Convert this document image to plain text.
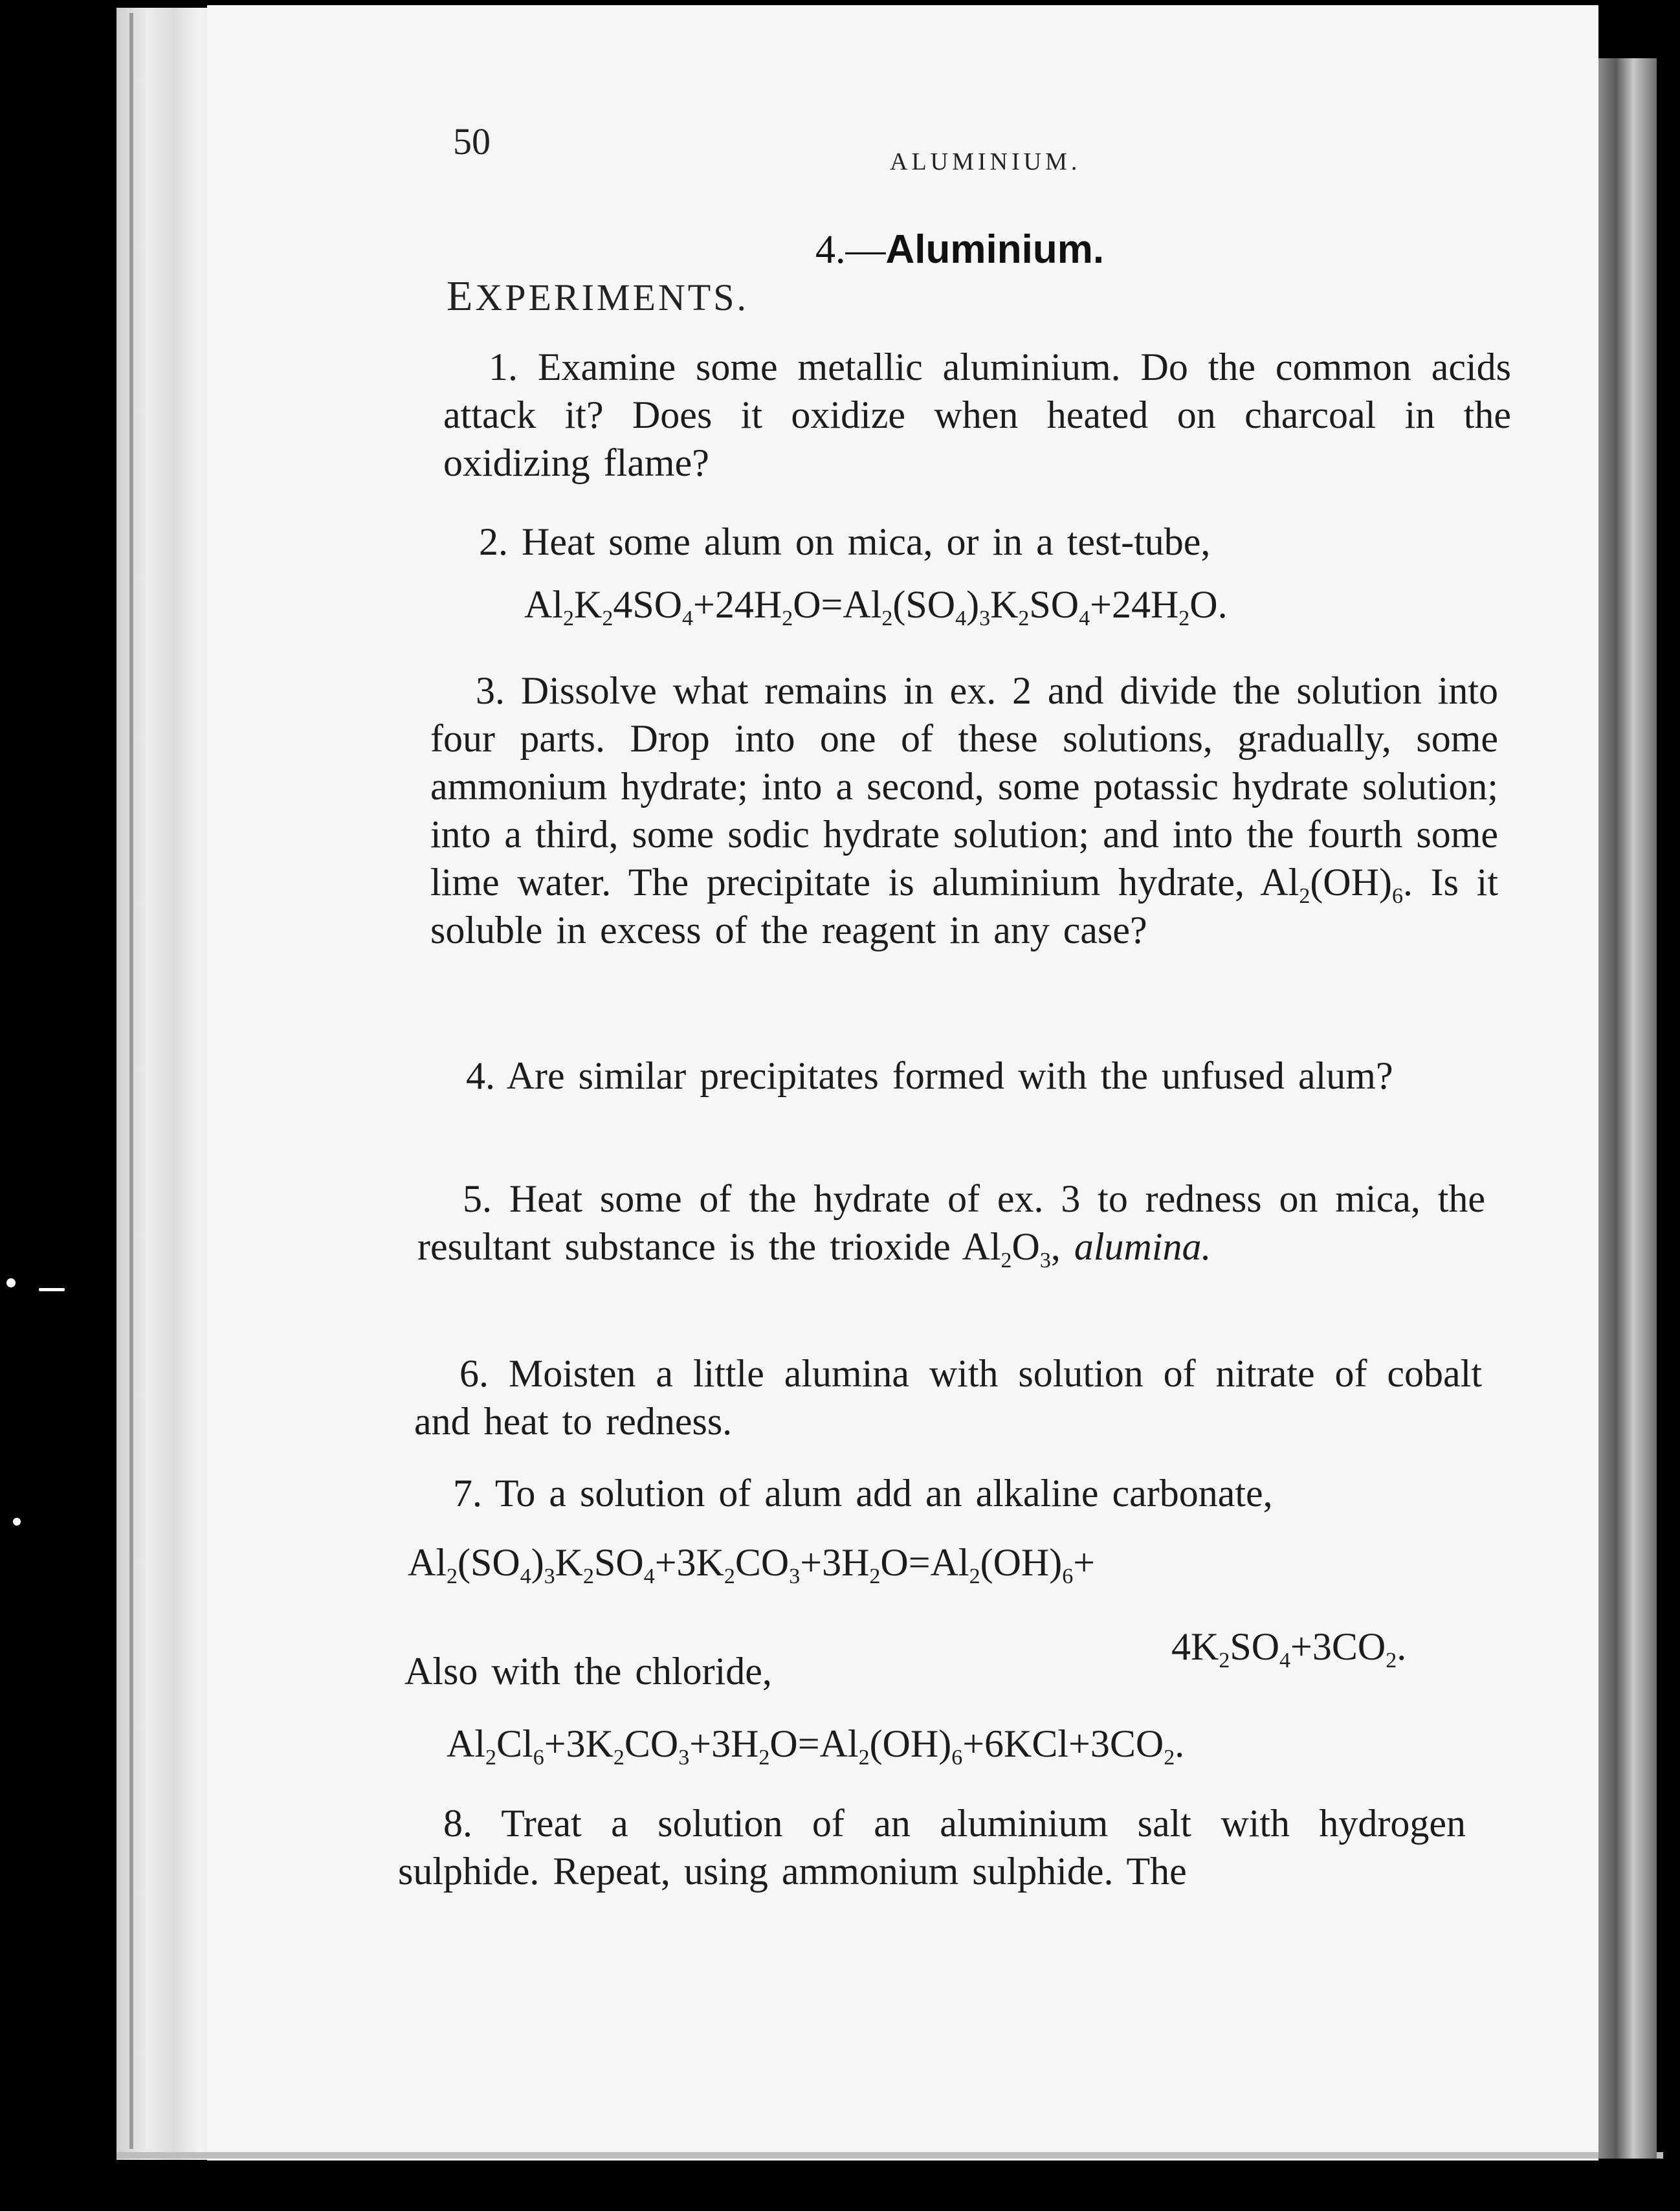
50	ALUMINIUM.
4.—Aluminium.
EXPERIMENTS.
1. Examine some metallic aluminium. Do the common acids attack it? Does it oxidize when heated on charcoal in the oxidizing flame?
2. Heat some alum on mica, or in a test-tube,
$Al_2K_24SO_4+24H_2O=Al_2(SO_4)_3K_2SO_4+24H_2O$.
3. Dissolve what remains in ex. 2 and divide the solution into four parts. Drop into one of these solutions, gradually, some ammonium hydrate; into a second, some potassic hydrate solution; into a third, some sodic hydrate solution; and into the fourth some lime water. The precipitate is aluminium hydrate, $Al_2(OH)_6$. Is it soluble in excess of the reagent in any case?
4. Are similar precipitates formed with the unfused alum?
5. Heat some of the hydrate of ex. 3 to redness on mica, the resultant substance is the trioxide $Al_2O_3$, alumina.
6. Moisten a little alumina with solution of nitrate of cobalt and heat to redness.
7. To a solution of alum add an alkaline carbonate,
$Al_2(SO_4)_3K_2SO_4+3K_2CO_3+3H_2O=Al_2(OH)_6+$
$4K_2SO_4+3CO_2$.
Also with the chloride,
$Al_2Cl_6+3K_2CO_3+3H_2O=Al_2(OH)_6+6KCl+3CO_2$.
8. Treat a solution of an aluminium salt with hydrogen sulphide. Repeat, using ammonium sulphide. The
